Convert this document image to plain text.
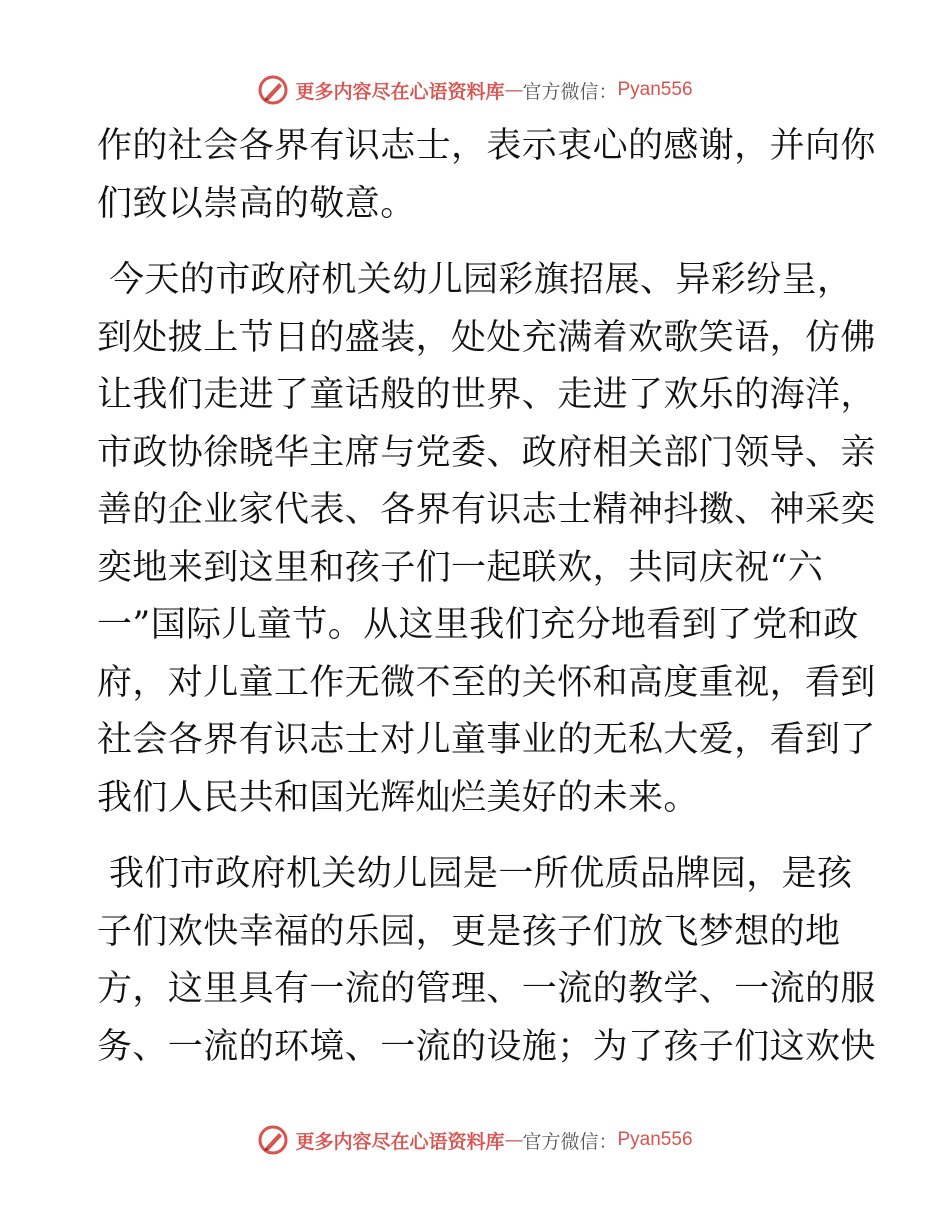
更多内容尽在心语资料库 — 官方微信： Pyan556

作的社会各界有识志士，表示衷心的感谢，并向你
们致以崇高的敬意。

今天的市政府机关幼儿园彩旗招展、异彩纷呈，
到处披上节日的盛装，处处充满着欢歌笑语，仿佛
让我们走进了童话般的世界、走进了欢乐的海洋，
市政协徐晓华主席与党委、政府相关部门领导、亲
善的企业家代表、各界有识志士精神抖擞、神采奕
奕地来到这里和孩子们一起联欢，共同庆祝“六
一”国际儿童节。从这里我们充分地看到了党和政
府，对儿童工作无微不至的关怀和高度重视，看到
社会各界有识志士对儿童事业的无私大爱，看到了
我们人民共和国光辉灿烂美好的未来。

我们市政府机关幼儿园是一所优质品牌园，是孩
子们欢快幸福的乐园，更是孩子们放飞梦想的地
方，这里具有一流的管理、一流的教学、一流的服
务、一流的环境、一流的设施；为了孩子们这欢快

更多内容尽在心语资料库 — 官方微信： Pyan556
